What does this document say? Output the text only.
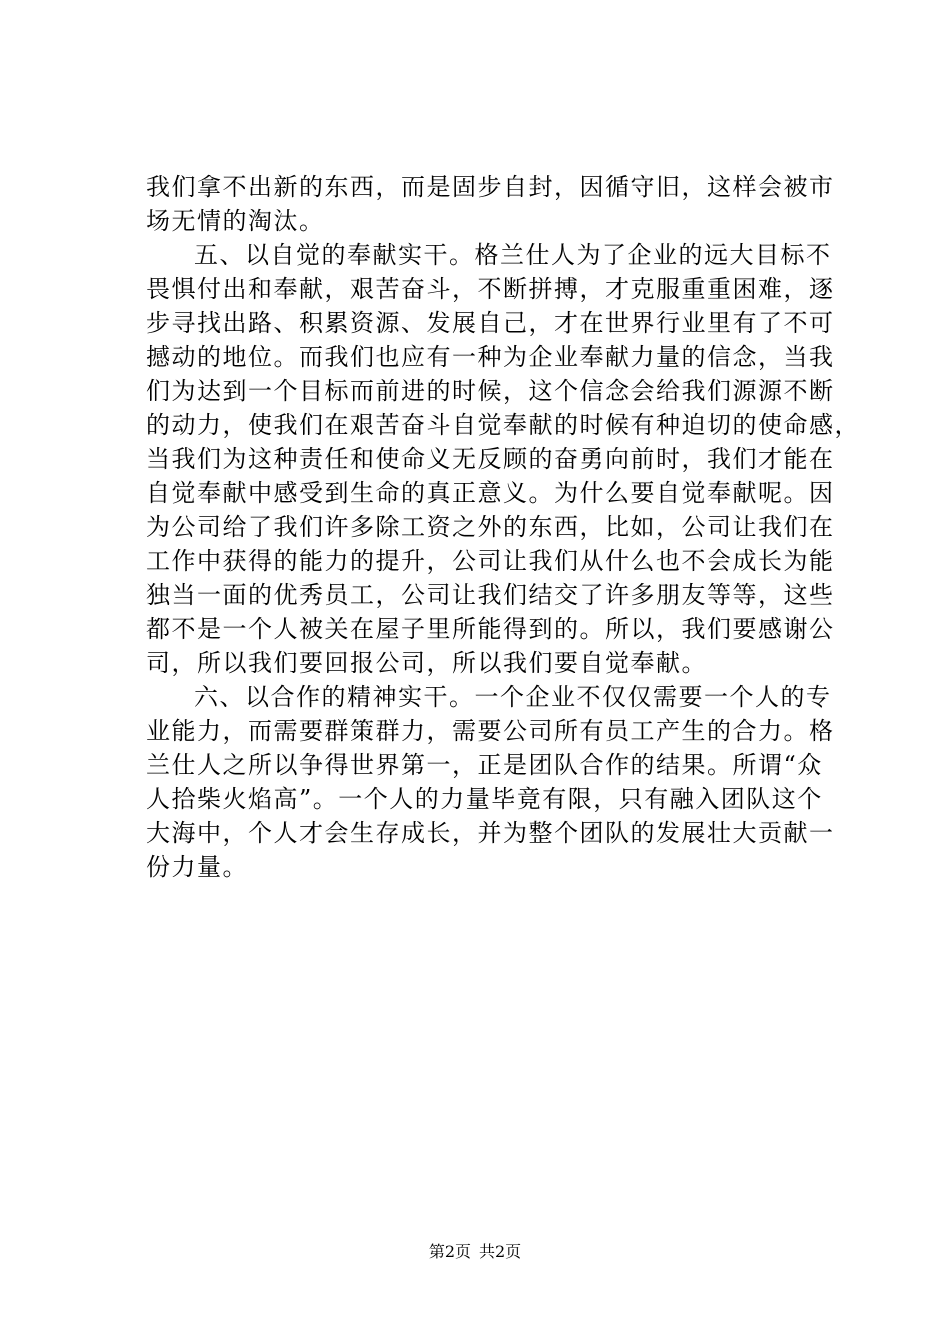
我们拿不出新的东西，而是固步自封，因循守旧，这样会被市
场无情的淘汰。
五、以自觉的奉献实干。格兰仕人为了企业的远大目标不
畏惧付出和奉献，艰苦奋斗，不断拼搏，才克服重重困难，逐
步寻找出路、积累资源、发展自己，才在世界行业里有了不可
撼动的地位。而我们也应有一种为企业奉献力量的信念，当我
们为达到一个目标而前进的时候，这个信念会给我们源源不断
的动力，使我们在艰苦奋斗自觉奉献的时候有种迫切的使命感，
当我们为这种责任和使命义无反顾的奋勇向前时，我们才能在
自觉奉献中感受到生命的真正意义。为什么要自觉奉献呢。因
为公司给了我们许多除工资之外的东西，比如，公司让我们在
工作中获得的能力的提升，公司让我们从什么也不会成长为能
独当一面的优秀员工，公司让我们结交了许多朋友等等，这些
都不是一个人被关在屋子里所能得到的。所以，我们要感谢公
司，所以我们要回报公司，所以我们要自觉奉献。
六、以合作的精神实干。一个企业不仅仅需要一个人的专
业能力，而需要群策群力，需要公司所有员工产生的合力。格
兰仕人之所以争得世界第一，正是团队合作的结果。所谓“众
人拾柴火焰高”。一个人的力量毕竟有限，只有融入团队这个
大海中，个人才会生存成长，并为整个团队的发展壮大贡献一
份力量。
第2页 共2页
